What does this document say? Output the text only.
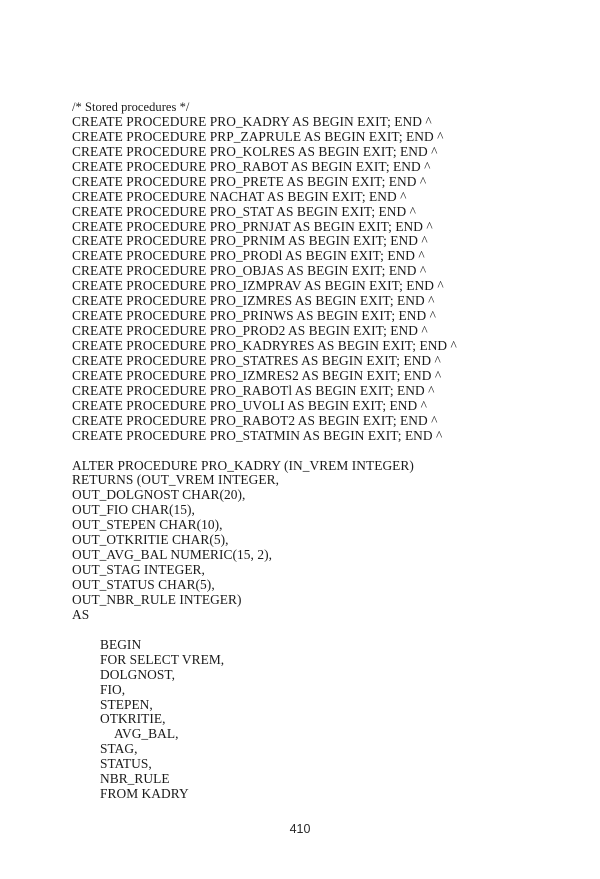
/* Stored procedures */
CREATE PROCEDURE PRO_KADRY AS BEGIN EXIT; END ^
CREATE PROCEDURE PRP_ZAPRULE AS BEGIN EXIT; END ^
CREATE PROCEDURE PRO_KOLRES AS BEGIN EXIT; END ^
CREATE PROCEDURE PRO_RABOT AS BEGIN EXIT; END ^
CREATE PROCEDURE PRO_PRETE AS BEGIN EXIT; END ^
CREATE PROCEDURE NACHAT AS BEGIN EXIT; END ^
CREATE PROCEDURE PRO_STAT AS BEGIN EXIT; END ^
CREATE PROCEDURE PRO_PRNJAT AS BEGIN EXIT; END ^
CREATE PROCEDURE PRO_PRNIM AS BEGIN EXIT; END ^
CREATE PROCEDURE PRO_PRODl AS BEGIN EXIT; END ^
CREATE PROCEDURE PRO_OBJAS AS BEGIN EXIT; END ^
CREATE PROCEDURE PRO_IZMPRAV AS BEGIN EXIT; END ^
CREATE PROCEDURE PRO_IZMRES AS BEGIN EXIT; END ^
CREATE PROCEDURE PRO_PRINWS AS BEGIN EXIT; END ^
CREATE PROCEDURE PRO_PROD2 AS BEGIN EXIT; END ^
CREATE PROCEDURE PRO_KADRYRES AS BEGIN EXIT; END ^
CREATE PROCEDURE PRO_STATRES AS BEGIN EXIT; END ^
CREATE PROCEDURE PRO_IZMRES2 AS BEGIN EXIT; END ^
CREATE PROCEDURE PRO_RABOTl AS BEGIN EXIT; END ^
CREATE PROCEDURE PRO_UVOLI AS BEGIN EXIT; END ^
CREATE PROCEDURE PRO_RABOT2 AS BEGIN EXIT; END ^
CREATE PROCEDURE PRO_STATMIN AS BEGIN EXIT; END ^
ALTER PROCEDURE PRO_KADRY (IN_VREM INTEGER)
RETURNS (OUT_VREM INTEGER,
OUT_DOLGNOST CHAR(20),
OUT_FIO CHAR(15),
OUT_STEPEN CHAR(10),
OUT_OTKRITIE CHAR(5),
OUT_AVG_BAL NUMERIC(15, 2),
OUT_STAG INTEGER,
OUT_STATUS CHAR(5),
OUT_NBR_RULE INTEGER)
AS
BEGIN
FOR SELECT VREM,
DOLGNOST,
FIO,
STEPEN,
OTKRITIE,
AVG_BAL,
STAG,
STATUS,
NBR_RULE
FROM KADRY
410
